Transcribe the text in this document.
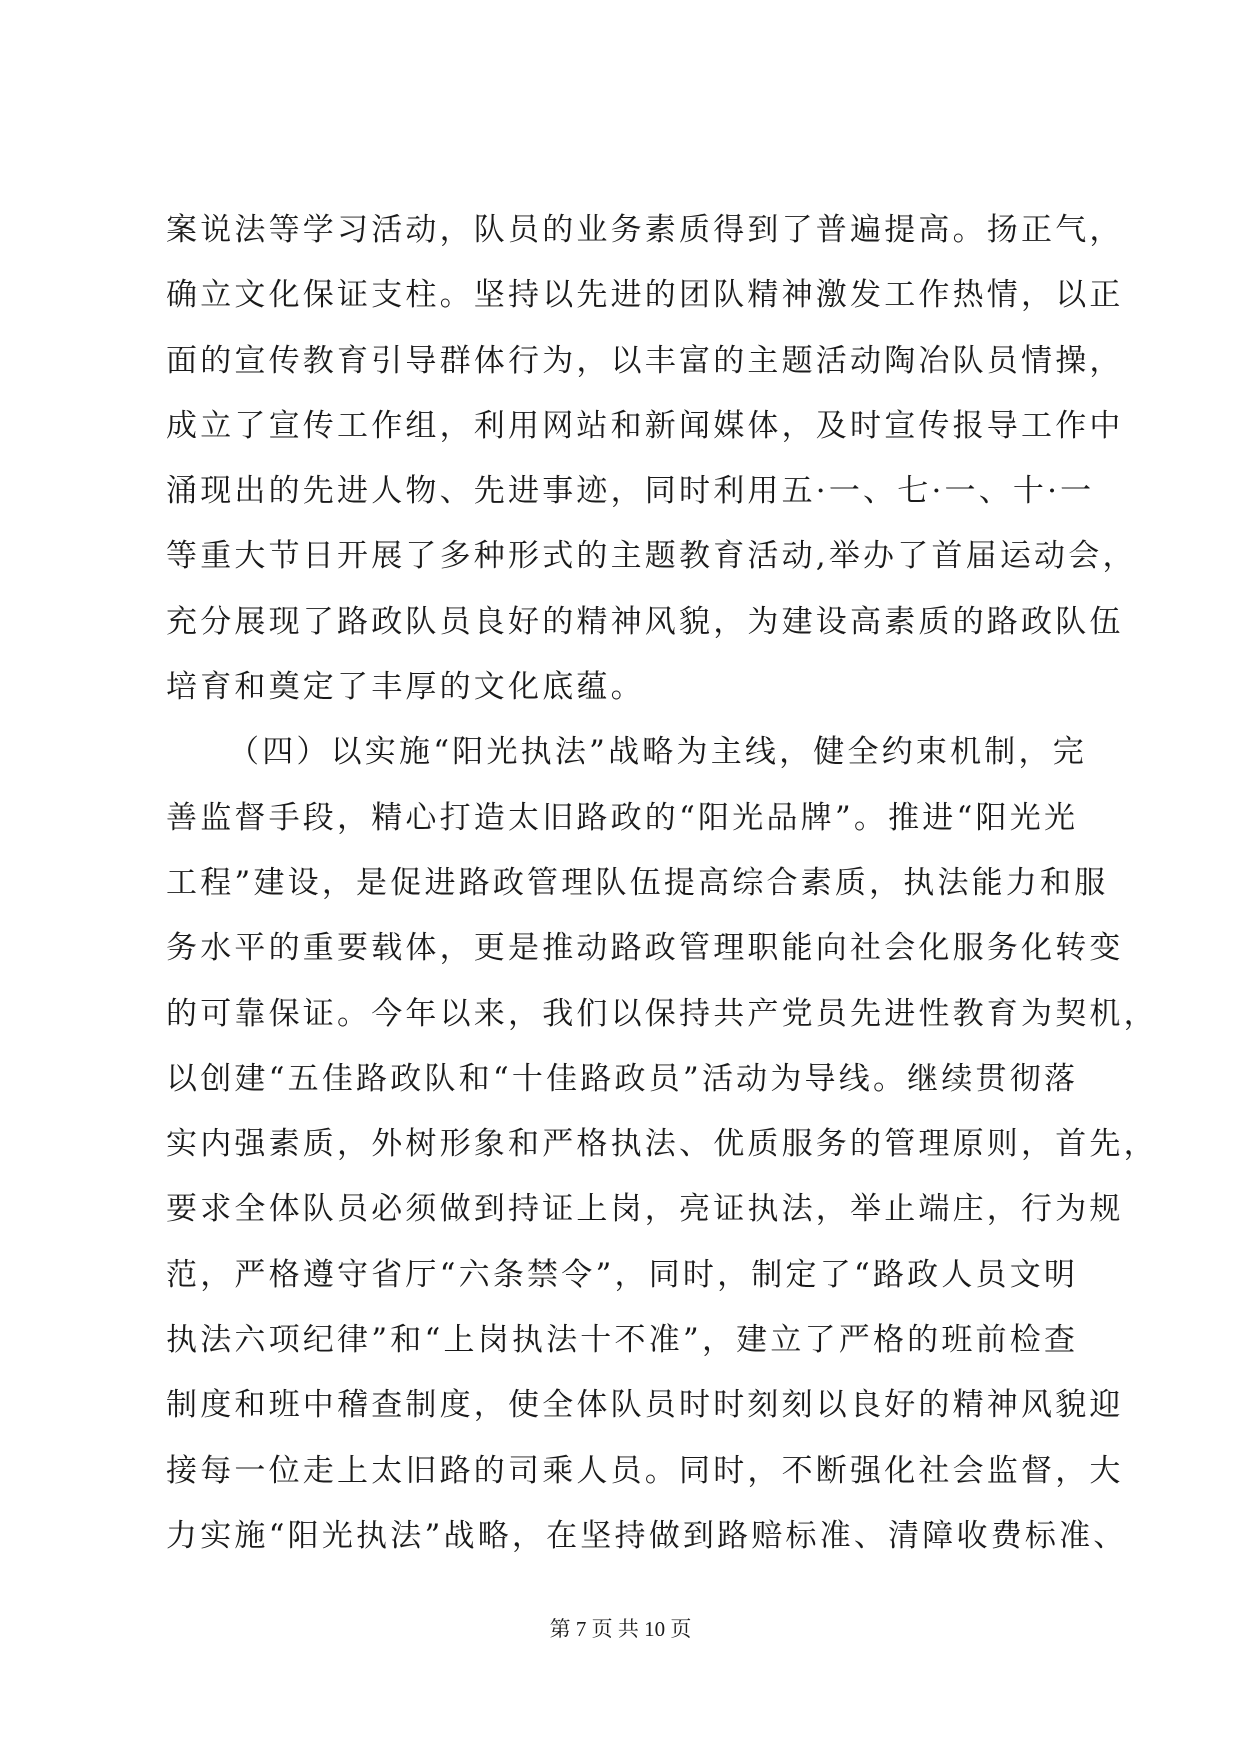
案说法等学习活动，队员的业务素质得到了普遍提高。扬正气，
确立文化保证支柱。坚持以先进的团队精神激发工作热情，以正
面的宣传教育引导群体行为，以丰富的主题活动陶冶队员情操，
成立了宣传工作组，利用网站和新闻媒体，及时宣传报导工作中
涌现出的先进人物、先进事迹，同时利用五·一、七·一、十·一
等重大节日开展了多种形式的主题教育活动,举办了首届运动会，
充分展现了路政队员良好的精神风貌，为建设高素质的路政队伍
培育和奠定了丰厚的文化底蕴。
（四）以实施“阳光执法”战略为主线，健全约束机制，完
善监督手段，精心打造太旧路政的“阳光品牌”。推进“阳光光
工程”建设，是促进路政管理队伍提高综合素质，执法能力和服
务水平的重要载体，更是推动路政管理职能向社会化服务化转变
的可靠保证。今年以来，我们以保持共产党员先进性教育为契机，
以创建“五佳路政队和“十佳路政员”活动为导线。继续贯彻落
实内强素质，外树形象和严格执法、优质服务的管理原则，首先，
要求全体队员必须做到持证上岗，亮证执法，举止端庄，行为规
范，严格遵守省厅“六条禁令”，同时，制定了“路政人员文明
执法六项纪律”和“上岗执法十不准”，建立了严格的班前检查
制度和班中稽查制度，使全体队员时时刻刻以良好的精神风貌迎
接每一位走上太旧路的司乘人员。同时，不断强化社会监督，大
力实施“阳光执法”战略，在坚持做到路赔标准、清障收费标准、
第 7 页 共 10 页
